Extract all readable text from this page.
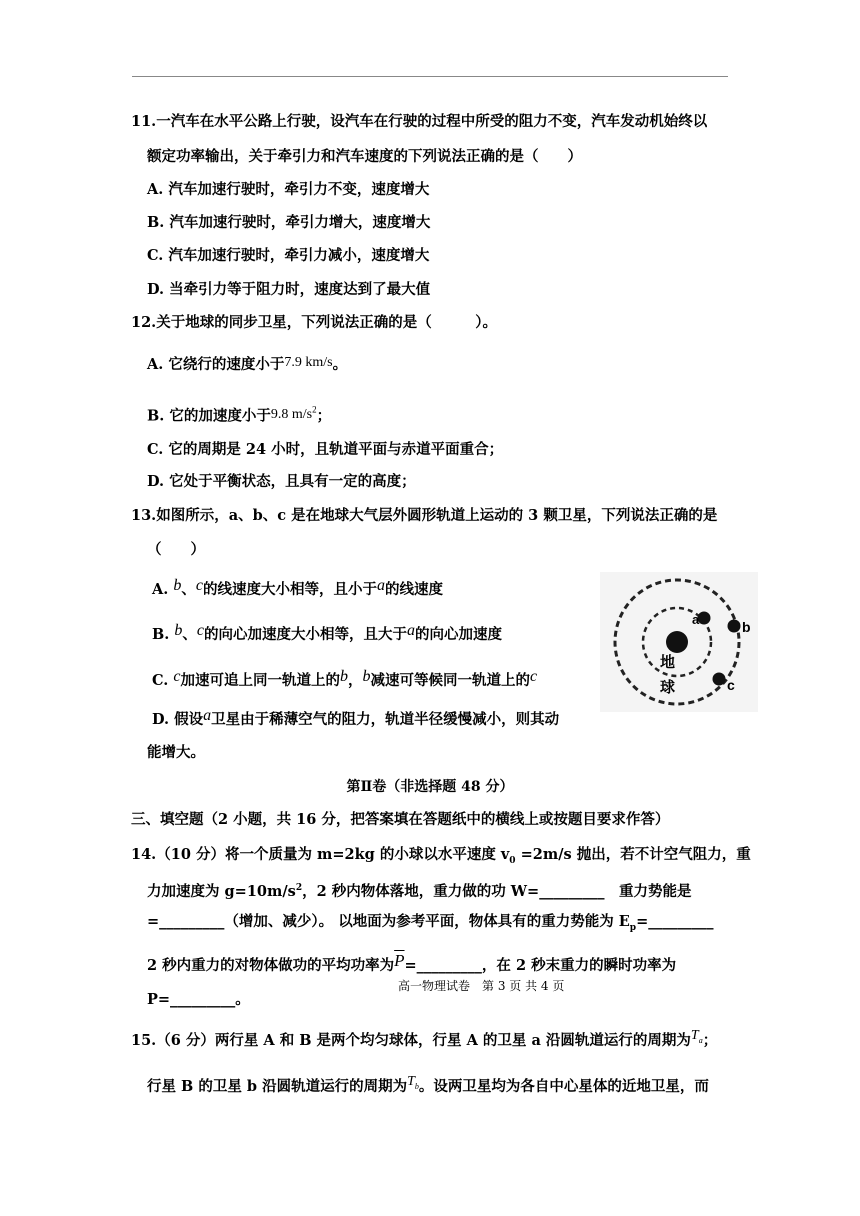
11.一汽车在水平公路上行驶，设汽车在行驶的过程中所受的阻力不变，汽车发动机始终以
额定功率输出，关于牵引力和汽车速度的下列说法正确的是（　　）
A. 汽车加速行驶时，牵引力不变，速度增大
B. 汽车加速行驶时，牵引力增大，速度增大
C. 汽车加速行驶时，牵引力减小，速度增大
D. 当牵引力等于阻力时，速度达到了最大值
12.关于地球的同步卫星，下列说法正确的是（　　　）。
A. 它绕行的速度小于7.9 km/s。
B. 它的加速度小于9.8 $m/s^2$；
C. 它的周期是 24 小时，且轨道平面与赤道平面重合；
D. 它处于平衡状态，且具有一定的高度；
13.如图所示，a、b、c 是在地球大气层外圆形轨道上运动的 3 颗卫星，下列说法正确的是
（　　）
A. b、c的线速度大小相等，且小于a的线速度
B. b、c的向心加速度大小相等，且大于a的向心加速度
C. c加速可追上同一轨道上的b，b减速可等候同一轨道上的c
D. 假设a卫星由于稀薄空气的阻力，轨道半径缓慢减小，则其动
能增大。
a	b
c
地
球
第Ⅱ卷（非选择题 48 分）
三、填空题（2 小题，共 16 分，把答案填在答题纸中的横线上或按题目要求作答）
14.（10 分）将一个质量为 m=2kg 的小球以水平速度 $v_0 =2m/s$ 抛出，若不计空气阻力，重
力加速度为 $g=10m/s^2$，2 秒内物体落地，重力做的功 W=_________　重力势能是
=_________（增加、减少）。 以地面为参考平面，物体具有的重力势能为 $E_p=\_\_\_\_\_\_\_\_\_$
2 秒内重力的对物体做功的平均功率为$\overline{P}=\_\_\_\_\_\_\_\_\_$，在 2 秒末重力的瞬时功率为
高一物理试卷　第 3 页 共 4 页
P=_________。
15.（6 分）两行星 A 和 B 是两个均匀球体，行星 A 的卫星 a 沿圆轨道运行的周期为$T_a$；
行星 B 的卫星 b 沿圆轨道运行的周期为$T_b$。设两卫星均为各自中心星体的近地卫星，而
